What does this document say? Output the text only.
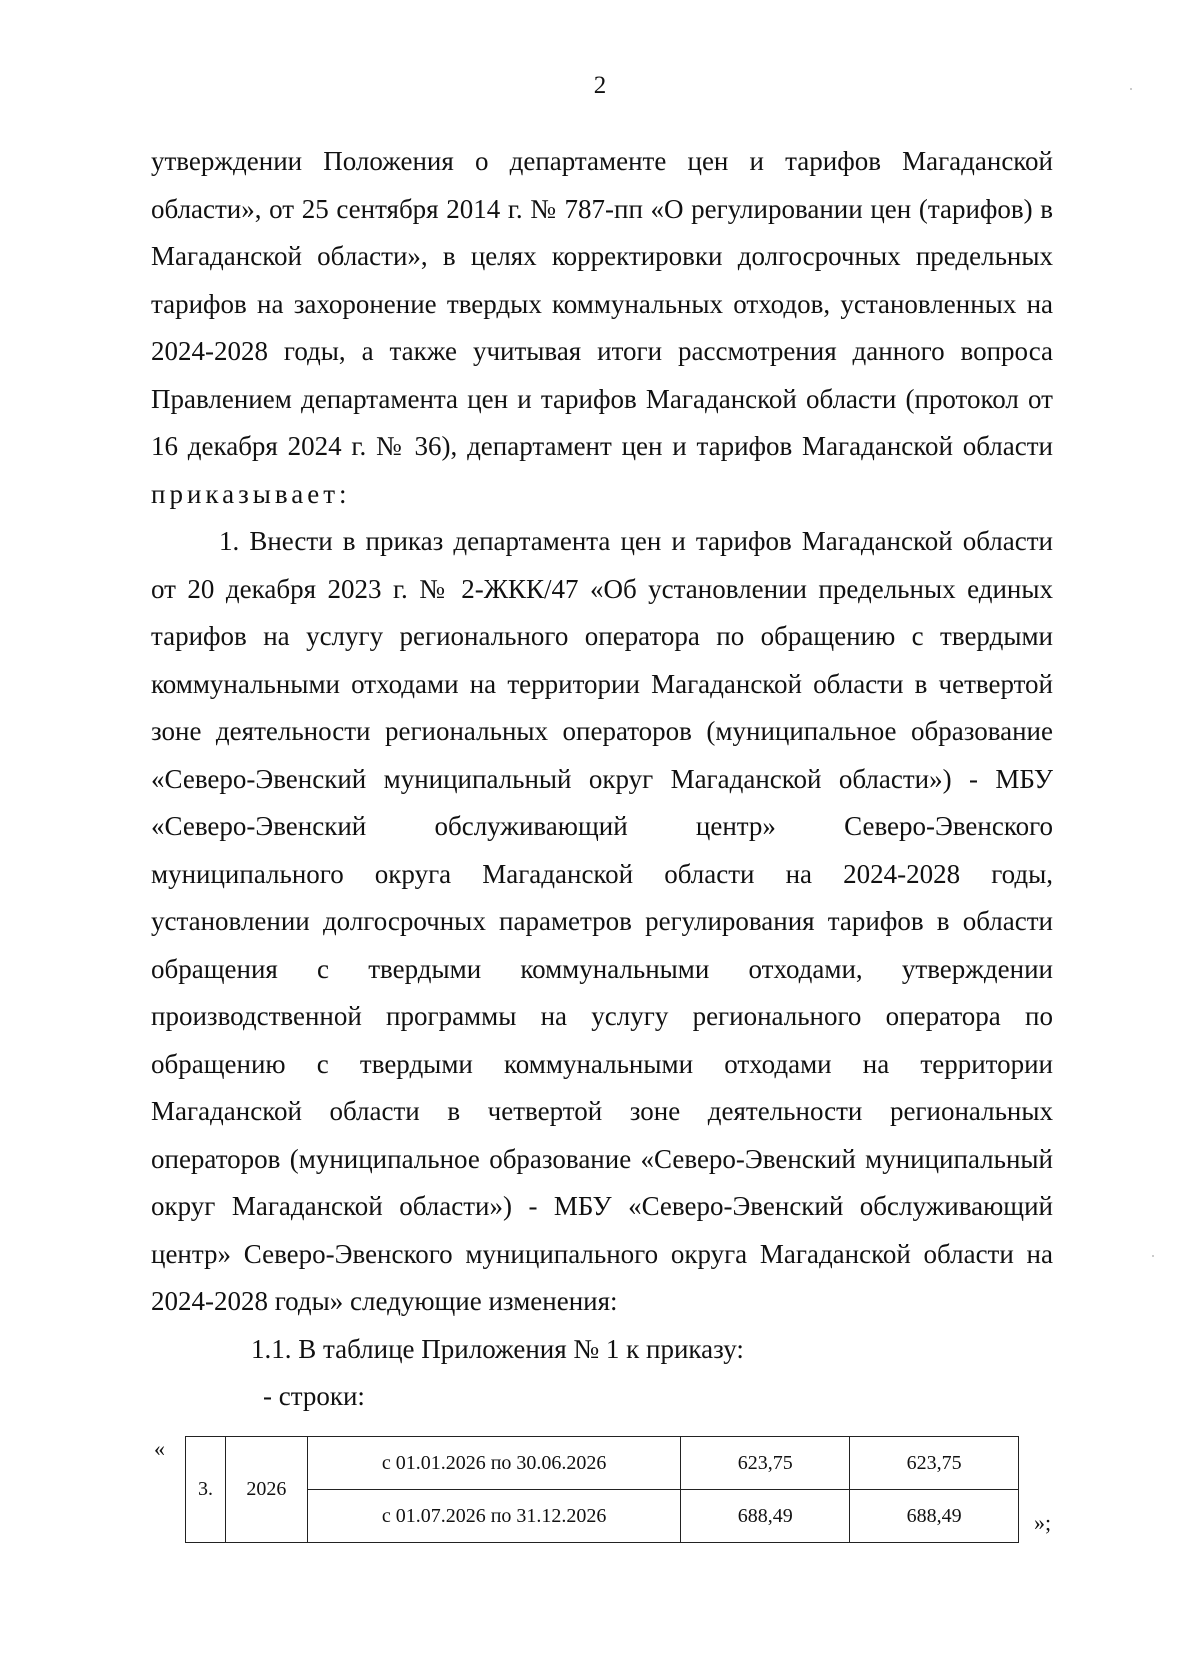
2

утверждении Положения о департаменте цен и тарифов Магаданской области», от 25 сентября 2014 г. № 787-пп «О регулировании цен (тарифов) в Магаданской области», в целях корректировки долгосрочных предельных тарифов на захоронение твердых коммунальных отходов, установленных на 2024-2028 годы, а также учитывая итоги рассмотрения данного вопроса Правлением департамента цен и тарифов Магаданской области (протокол от 16 декабря 2024 г. № 36), департамент цен и тарифов Магаданской области приказывает:

1. Внести в приказ департамента цен и тарифов Магаданской области от 20 декабря 2023 г. № 2-ЖКК/47 «Об установлении предельных единых тарифов на услугу регионального оператора по обращению с твердыми коммунальными отходами на территории Магаданской области в четвертой зоне деятельности региональных операторов (муниципальное образование «Северо-Эвенский муниципальный округ Магаданской области») - МБУ «Северо-Эвенский обслуживающий центр» Северо-Эвенского муниципального округа Магаданской области на 2024-2028 годы, установлении долгосрочных параметров регулирования тарифов в области обращения с твердыми коммунальными отходами, утверждении производственной программы на услугу регионального оператора по обращению с твердыми коммунальными отходами на территории Магаданской области в четвертой зоне деятельности региональных операторов (муниципальное образование «Северо-Эвенский муниципальный округ Магаданской области») - МБУ «Северо-Эвенский обслуживающий центр» Северо-Эвенского муниципального округа Магаданской области на 2024-2028 годы» следующие изменения:

1.1. В таблице Приложения № 1 к приказу:

- строки:

«
3.	2026	с 01.01.2026 по 30.06.2026	623,75	623,75
		с 01.07.2026 по 31.12.2026	688,49	688,49	»;
